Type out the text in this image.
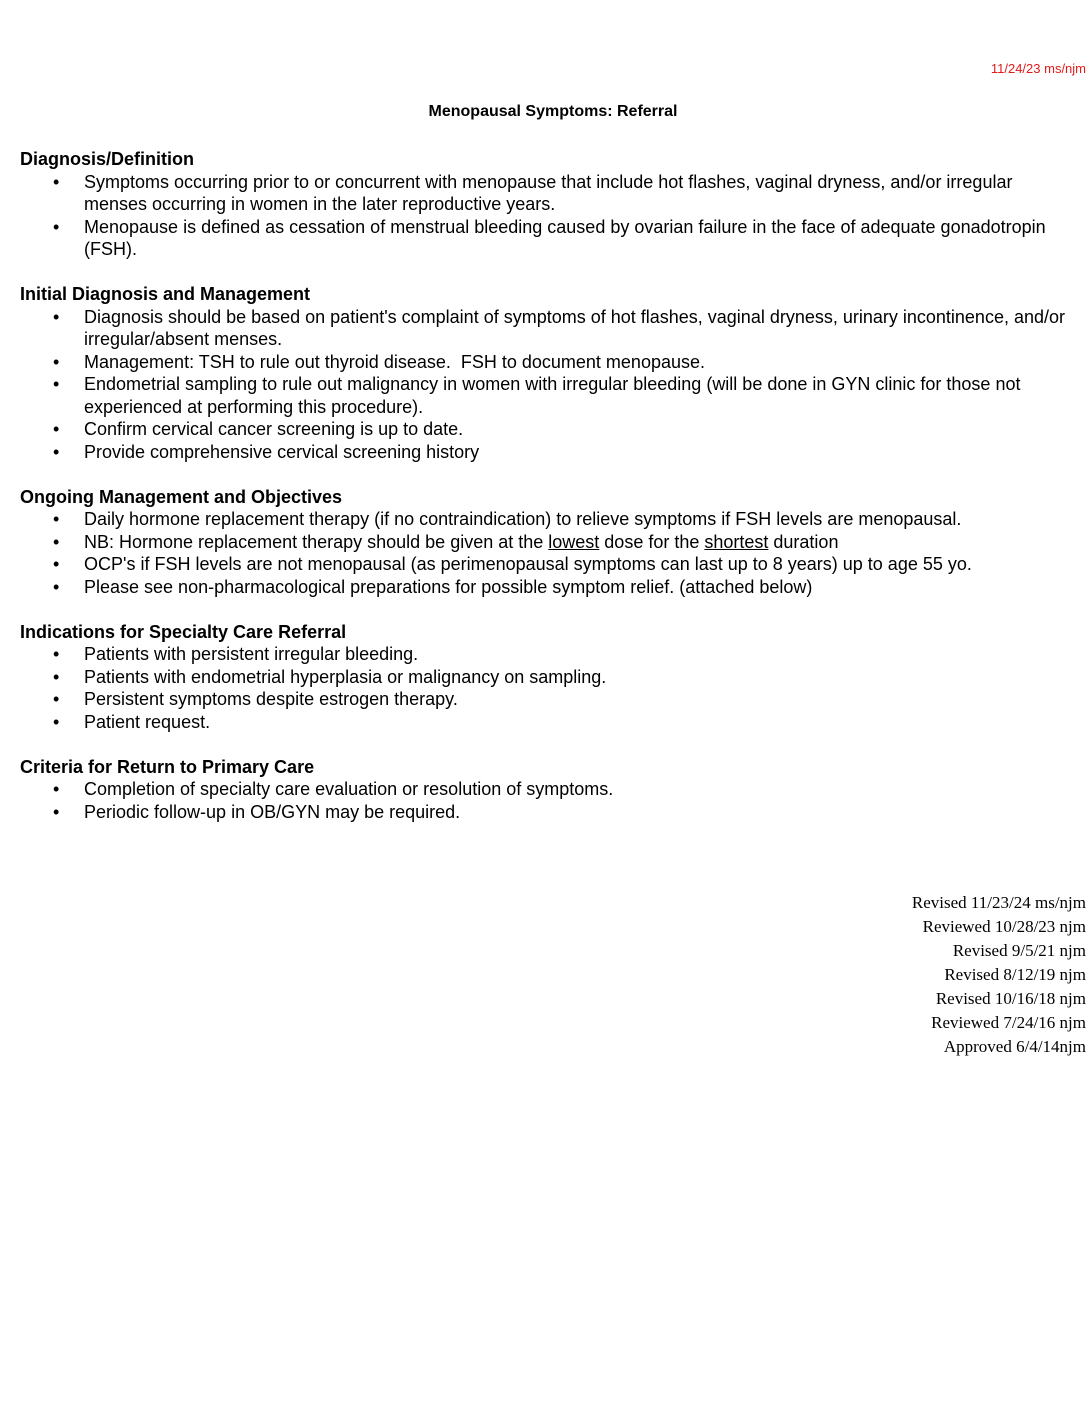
11/24/23 ms/njm
Menopausal Symptoms: Referral
Diagnosis/Definition
• Symptoms occurring prior to or concurrent with menopause that include hot flashes, vaginal dryness, and/or irregular menses occurring in women in the later reproductive years.
• Menopause is defined as cessation of menstrual bleeding caused by ovarian failure in the face of adequate gonadotropin (FSH).
Initial Diagnosis and Management
• Diagnosis should be based on patient's complaint of symptoms of hot flashes, vaginal dryness, urinary incontinence, and/or irregular/absent menses.
• Management: TSH to rule out thyroid disease.  FSH to document menopause.
• Endometrial sampling to rule out malignancy in women with irregular bleeding (will be done in GYN clinic for those not experienced at performing this procedure).
• Confirm cervical cancer screening is up to date.
• Provide comprehensive cervical screening history
Ongoing Management and Objectives
• Daily hormone replacement therapy (if no contraindication) to relieve symptoms if FSH levels are menopausal.
• NB: Hormone replacement therapy should be given at the lowest dose for the shortest duration
• OCP's if FSH levels are not menopausal (as perimenopausal symptoms can last up to 8 years) up to age 55 yo.
• Please see non-pharmacological preparations for possible symptom relief. (attached below)
Indications for Specialty Care Referral
• Patients with persistent irregular bleeding.
• Patients with endometrial hyperplasia or malignancy on sampling.
• Persistent symptoms despite estrogen therapy.
• Patient request.
Criteria for Return to Primary Care
• Completion of specialty care evaluation or resolution of symptoms.
• Periodic follow-up in OB/GYN may be required.
Revised 11/23/24 ms/njm
Reviewed 10/28/23 njm
Revised 9/5/21 njm
Revised 8/12/19 njm
Revised 10/16/18 njm
Reviewed 7/24/16 njm
Approved 6/4/14njm
